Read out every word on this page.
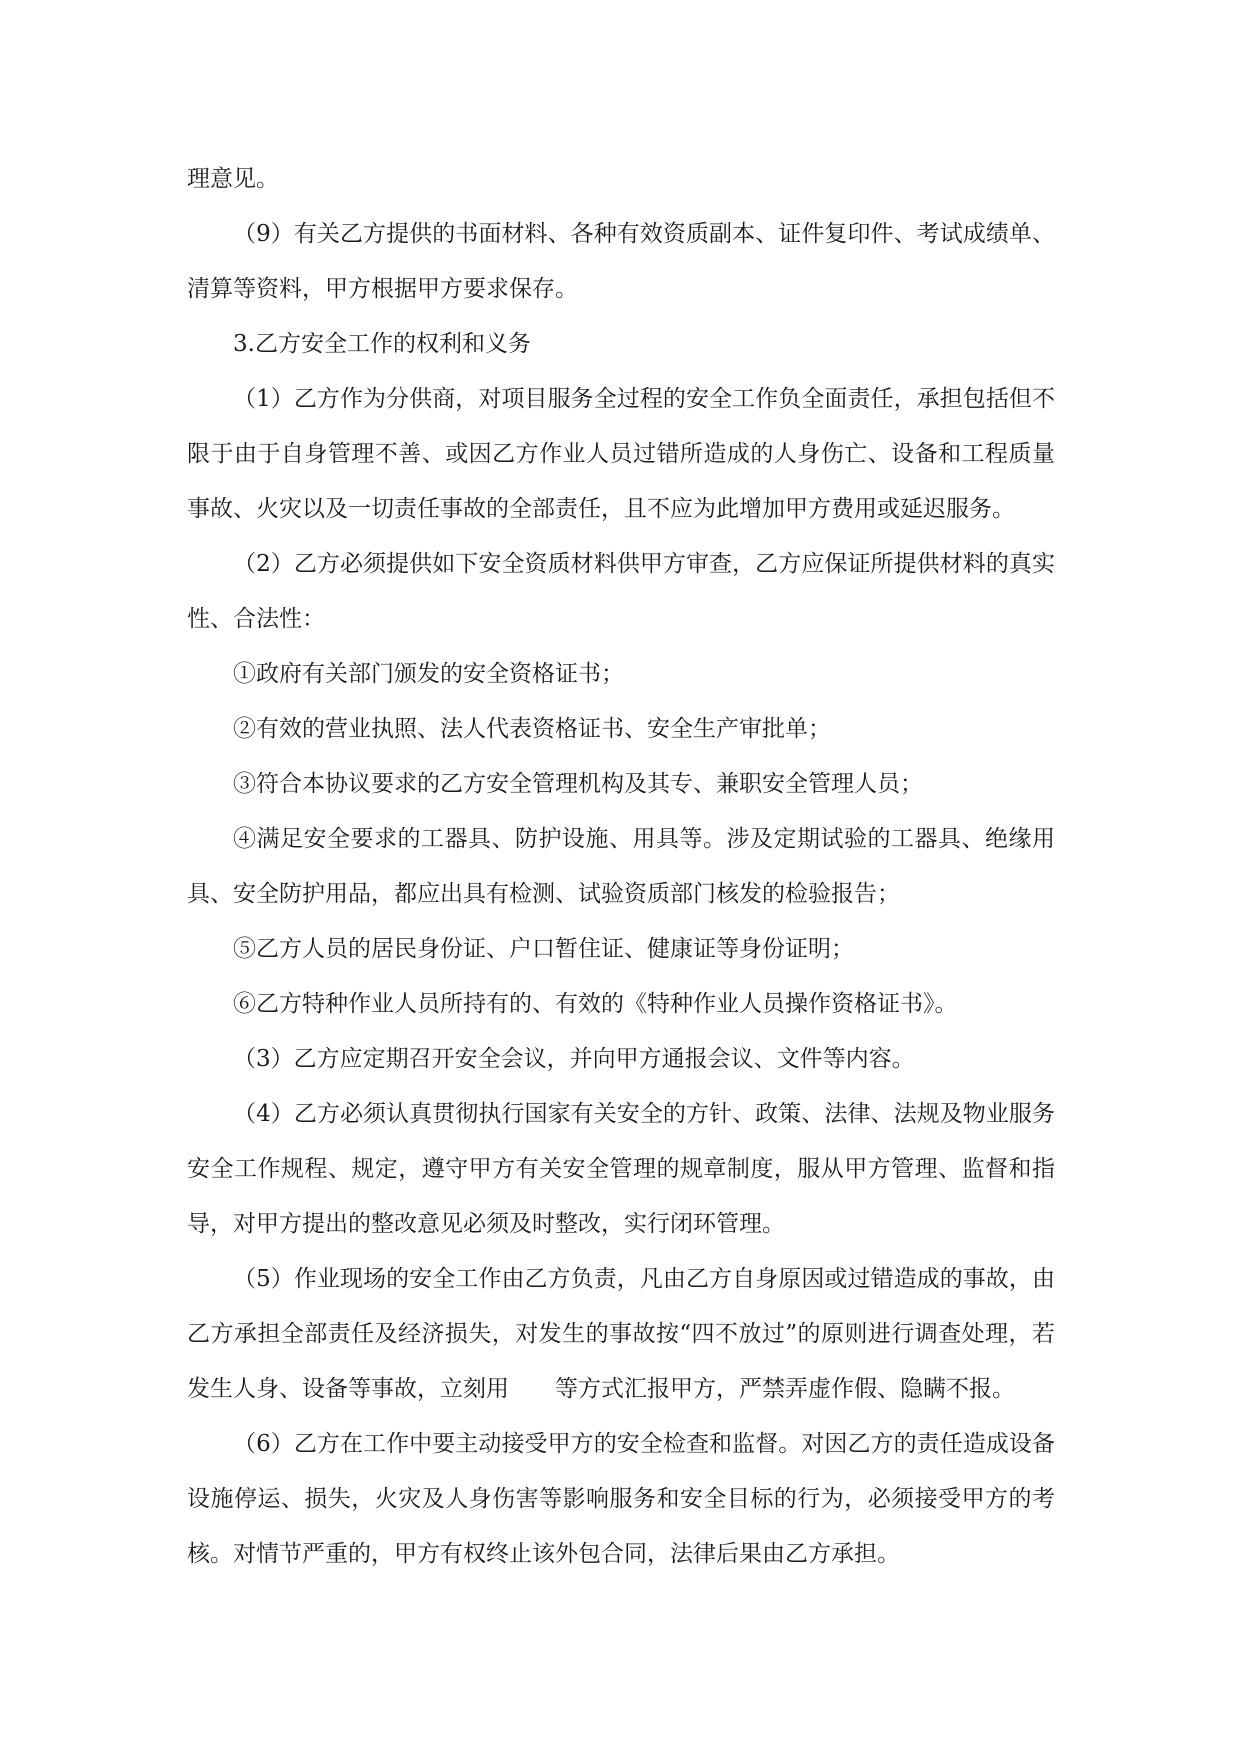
理意见。

（9）有关乙方提供的书面材料、各种有效资质副本、证件复印件、考试成绩单、清算等资料，甲方根据甲方要求保存。

3.乙方安全工作的权利和义务

（1）乙方作为分供商，对项目服务全过程的安全工作负全面责任，承担包括但不限于由于自身管理不善、或因乙方作业人员过错所造成的人身伤亡、设备和工程质量事故、火灾以及一切责任事故的全部责任，且不应为此增加甲方费用或延迟服务。

（2）乙方必须提供如下安全资质材料供甲方审查，乙方应保证所提供材料的真实性、合法性：

①政府有关部门颁发的安全资格证书；

②有效的营业执照、法人代表资格证书、安全生产审批单；

③符合本协议要求的乙方安全管理机构及其专、兼职安全管理人员；

④满足安全要求的工器具、防护设施、用具等。涉及定期试验的工器具、绝缘用具、安全防护用品，都应出具有检测、试验资质部门核发的检验报告；

⑤乙方人员的居民身份证、户口暂住证、健康证等身份证明；

⑥乙方特种作业人员所持有的、有效的《特种作业人员操作资格证书》。

（3）乙方应定期召开安全会议，并向甲方通报会议、文件等内容。

（4）乙方必须认真贯彻执行国家有关安全的方针、政策、法律、法规及物业服务安全工作规程、规定，遵守甲方有关安全管理的规章制度，服从甲方管理、监督和指导，对甲方提出的整改意见必须及时整改，实行闭环管理。

（5）作业现场的安全工作由乙方负责，凡由乙方自身原因或过错造成的事故，由乙方承担全部责任及经济损失，对发生的事故按“四不放过”的原则进行调查处理，若发生人身、设备等事故，立刻用　　等方式汇报甲方，严禁弄虚作假、隐瞒不报。

（6）乙方在工作中要主动接受甲方的安全检查和监督。对因乙方的责任造成设备设施停运、损失，火灾及人身伤害等影响服务和安全目标的行为，必须接受甲方的考核。对情节严重的，甲方有权终止该外包合同，法律后果由乙方承担。
